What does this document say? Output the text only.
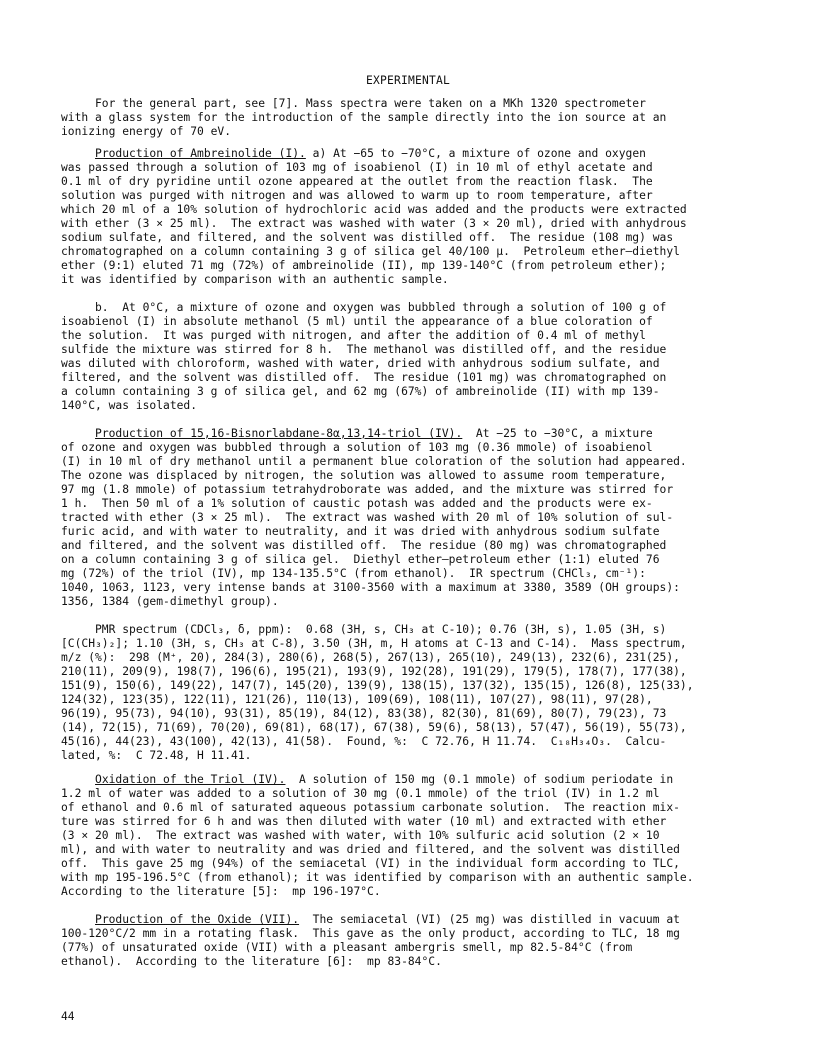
EXPERIMENTAL
For the general part, see [7]. Mass spectra were taken on a MKh 1320 spectrometer
with a glass system for the introduction of the sample directly into the ion source at an
ionizing energy of 70 eV.
Production of Ambreinolide (I). a) At −65 to −70°C, a mixture of ozone and oxygen
was passed through a solution of 103 mg of isoabienol (I) in 10 ml of ethyl acetate and
0.1 ml of dry pyridine until ozone appeared at the outlet from the reaction flask.  The
solution was purged with nitrogen and was allowed to warm up to room temperature, after
which 20 ml of a 10% solution of hydrochloric acid was added and the products were extracted
with ether (3 × 25 ml).  The extract was washed with water (3 × 20 ml), dried with anhydrous
sodium sulfate, and filtered, and the solvent was distilled off.  The residue (108 mg) was
chromatographed on a column containing 3 g of silica gel 40/100 μ.  Petroleum ether—diethyl
ether (9:1) eluted 71 mg (72%) of ambreinolide (II), mp 139-140°C (from petroleum ether);
it was identified by comparison with an authentic sample.
b.  At 0°C, a mixture of ozone and oxygen was bubbled through a solution of 100 g of
isoabienol (I) in absolute methanol (5 ml) until the appearance of a blue coloration of
the solution.  It was purged with nitrogen, and after the addition of 0.4 ml of methyl
sulfide the mixture was stirred for 8 h.  The methanol was distilled off, and the residue
was diluted with chloroform, washed with water, dried with anhydrous sodium sulfate, and
filtered, and the solvent was distilled off.  The residue (101 mg) was chromatographed on
a column containing 3 g of silica gel, and 62 mg (67%) of ambreinolide (II) with mp 139-
140°C, was isolated.
Production of 15,16-Bisnorlabdane-8α,13,14-triol (IV).  At −25 to −30°C, a mixture
of ozone and oxygen was bubbled through a solution of 103 mg (0.36 mmole) of isoabienol
(I) in 10 ml of dry methanol until a permanent blue coloration of the solution had appeared.
The ozone was displaced by nitrogen, the solution was allowed to assume room temperature,
97 mg (1.8 mmole) of potassium tetrahydroborate was added, and the mixture was stirred for
1 h.  Then 50 ml of a 1% solution of caustic potash was added and the products were ex-
tracted with ether (3 × 25 ml).  The extract was washed with 20 ml of 10% solution of sul-
furic acid, and with water to neutrality, and it was dried with anhydrous sodium sulfate
and filtered, and the solvent was distilled off.  The residue (80 mg) was chromatographed
on a column containing 3 g of silica gel.  Diethyl ether—petroleum ether (1:1) eluted 76
mg (72%) of the triol (IV), mp 134-135.5°C (from ethanol).  IR spectrum (CHCl₃, cm⁻¹):
1040, 1063, 1123, very intense bands at 3100-3560 with a maximum at 3380, 3589 (OH groups):
1356, 1384 (gem-dimethyl group).
PMR spectrum (CDCl₃, δ, ppm):  0.68 (3H, s, CH₃ at C-10); 0.76 (3H, s), 1.05 (3H, s)
[C(CH₃)₂]; 1.10 (3H, s, CH₃ at C-8), 3.50 (3H, m, H atoms at C-13 and C-14).  Mass spectrum,
m/z (%):  298 (M⁺, 20), 284(3), 280(6), 268(5), 267(13), 265(10), 249(13), 232(6), 231(25),
210(11), 209(9), 198(7), 196(6), 195(21), 193(9), 192(28), 191(29), 179(5), 178(7), 177(38),
151(9), 150(6), 149(22), 147(7), 145(20), 139(9), 138(15), 137(32), 135(15), 126(8), 125(33),
124(32), 123(35), 122(11), 121(26), 110(13), 109(69), 108(11), 107(27), 98(11), 97(28),
96(19), 95(73), 94(10), 93(31), 85(19), 84(12), 83(38), 82(30), 81(69), 80(7), 79(23), 73
(14), 72(15), 71(69), 70(20), 69(81), 68(17), 67(38), 59(6), 58(13), 57(47), 56(19), 55(73),
45(16), 44(23), 43(100), 42(13), 41(58).  Found, %:  C 72.76, H 11.74.  C₁₈H₃₄O₃.  Calcu-
lated, %:  C 72.48, H 11.41.
Oxidation of the Triol (IV).  A solution of 150 mg (0.1 mmole) of sodium periodate in
1.2 ml of water was added to a solution of 30 mg (0.1 mmole) of the triol (IV) in 1.2 ml
of ethanol and 0.6 ml of saturated aqueous potassium carbonate solution.  The reaction mix-
ture was stirred for 6 h and was then diluted with water (10 ml) and extracted with ether
(3 × 20 ml).  The extract was washed with water, with 10% sulfuric acid solution (2 × 10
ml), and with water to neutrality and was dried and filtered, and the solvent was distilled
off.  This gave 25 mg (94%) of the semiacetal (VI) in the individual form according to TLC,
with mp 195-196.5°C (from ethanol); it was identified by comparison with an authentic sample.
According to the literature [5]:  mp 196-197°C.
Production of the Oxide (VII).  The semiacetal (VI) (25 mg) was distilled in vacuum at
100-120°C/2 mm in a rotating flask.  This gave as the only product, according to TLC, 18 mg
(77%) of unsaturated oxide (VII) with a pleasant ambergris smell, mp 82.5-84°C (from
ethanol).  According to the literature [6]:  mp 83-84°C.
44
